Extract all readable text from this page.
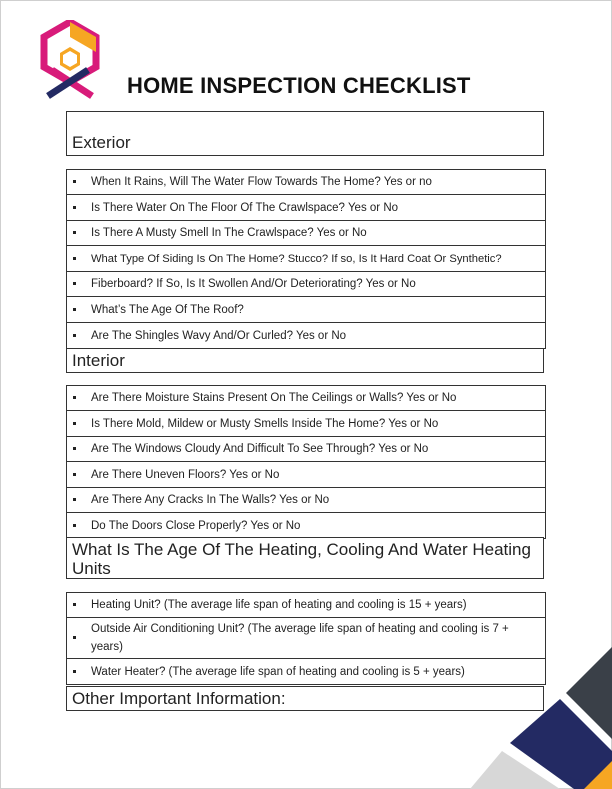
HOME INSPECTION CHECKLIST
Exterior
When It Rains, Will The Water Flow Towards The Home? Yes or no
Is There Water On The Floor Of The Crawlspace? Yes or No
Is There A Musty Smell In The Crawlspace? Yes or No
What Type Of Siding Is On The Home? Stucco? If so, Is It Hard Coat Or Synthetic?
Fiberboard? If So, Is It Swollen And/Or Deteriorating? Yes or No
What’s The Age Of The Roof?
Are The Shingles Wavy And/Or Curled? Yes or No
Interior
Are There Moisture Stains Present On The Ceilings or Walls? Yes or No
Is There Mold, Mildew or Musty Smells Inside The Home? Yes or No
Are The Windows Cloudy And Difficult To See Through? Yes or No
Are There Uneven Floors? Yes or No
Are There Any Cracks In The Walls? Yes or No
Do The Doors Close Properly? Yes or No
What Is The Age Of The Heating, Cooling And Water Heating Units
Heating Unit? (The average life span of heating and cooling is 15 + years)
Outside Air Conditioning Unit? (The average life span of heating and cooling is 7 + years)
Water Heater? (The average life span of heating and cooling is 5 + years)
Other Important Information:
